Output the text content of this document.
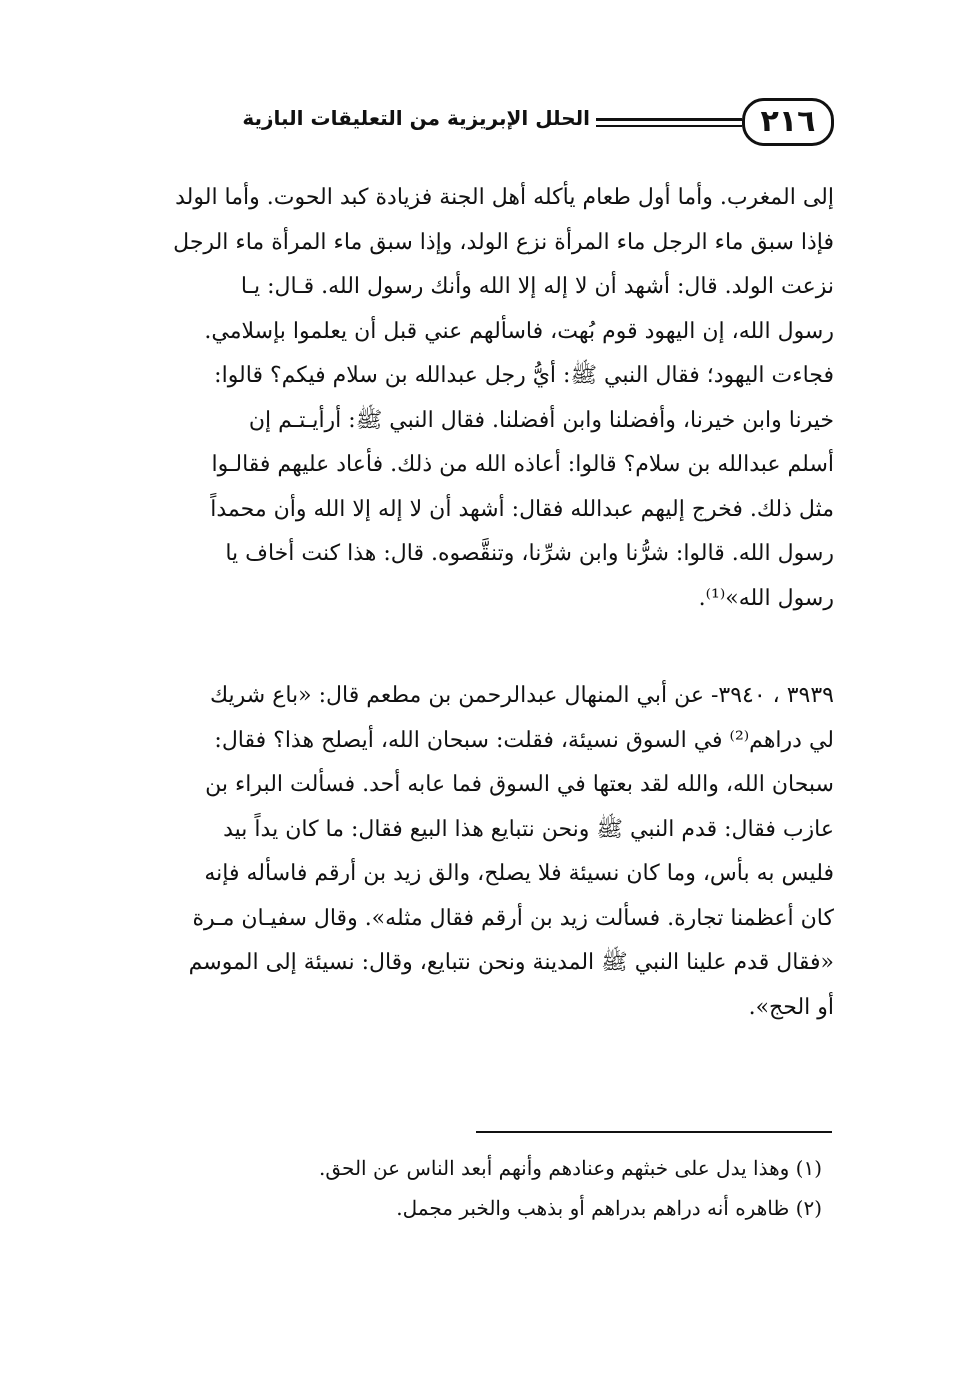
٢١٦
الحلل الإبريزية من التعليقات البازية
إلى المغرب. وأما أول طعام يأكله أهل الجنة فزيادة كبد الحوت. وأما الولد
فإذا سبق ماء الرجل ماء المرأة نزع الولد، وإذا سبق ماء المرأة ماء الرجل
نزعت الولد. قال: أشهد أن لا إله إلا الله وأنك رسول الله. قـال: يـا
رسول الله، إن اليهود قوم بُهت، فاسألهم عني قبل أن يعلموا بإسلامي.
فجاءت اليهود؛ فقال النبي ﷺ: أيُّ رجل عبدالله بن سلام فيكم؟ قالوا:
خيرنا وابن خيرنا، وأفضلنا وابن أفضلنا. فقال النبي ﷺ: أرأيـتـم إن
أسلم عبدالله بن سلام؟ قالوا: أعاذه الله من ذلك. فأعاد عليهم فقالـوا
مثل ذلك. فخرج إليهم عبدالله فقال: أشهد أن لا إله إلا الله وأن محمداً
رسول الله. قالوا: شرُّنا وابن شرِّنا، وتنقَّصوه. قال: هذا كنت أخاف يا
رسول الله»⁽¹⁾.
٣٩٣٩ ، ٣٩٤٠- عن أبي المنهال عبدالرحمن بن مطعم قال: «باع شريك
لي دراهم⁽²⁾ في السوق نسيئة، فقلت: سبحان الله، أيصلح هذا؟ فقال:
سبحان الله، والله لقد بعتها في السوق فما عابه أحد. فسألت البراء بن
عازب فقال: قدم النبي ﷺ ونحن نتبايع هذا البيع فقال: ما كان يداً بيد
فليس به بأس، وما كان نسيئة فلا يصلح، والق زيد بن أرقم فاسأله فإنه
كان أعظمنا تجارة. فسألت زيد بن أرقم فقال مثله». وقال سفيـان مـرة
«فقال قدم علينا النبي ﷺ المدينة ونحن نتبايع، وقال: نسيئة إلى الموسم
أو الحج».
(١) وهذا يدل على خبثهم وعنادهم وأنهم أبعد الناس عن الحق.
(٢) ظاهره أنه دراهم بدراهم أو بذهب والخبر مجمل.
